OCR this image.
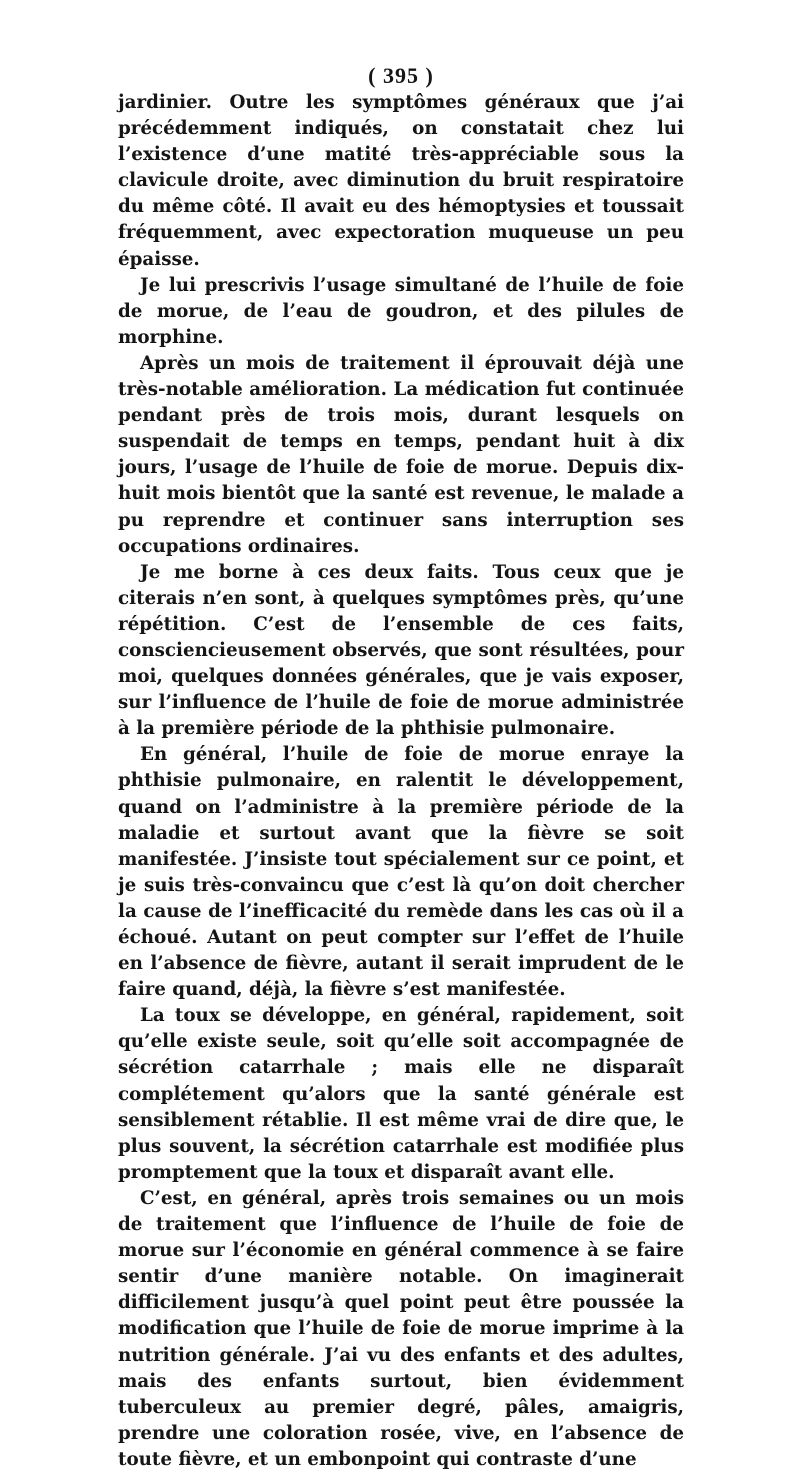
( 395 )

jardinier. Outre les symptômes généraux que j’ai précédemment indiqués, on constatait chez lui l’existence d’une matité très-appréciable sous la clavicule droite, avec diminution du bruit respiratoire du même côté. Il avait eu des hémoptysies et toussait fréquemment, avec expectoration muqueuse un peu épaisse.

Je lui prescrivis l’usage simultané de l’huile de foie de morue, de l’eau de goudron, et des pilules de morphine.

Après un mois de traitement il éprouvait déjà une très-notable amélioration. La médication fut continuée pendant près de trois mois, durant lesquels on suspendait de temps en temps, pendant huit à dix jours, l’usage de l’huile de foie de morue. Depuis dix-huit mois bientôt que la santé est revenue, le malade a pu reprendre et continuer sans interruption ses occupations ordinaires.

Je me borne à ces deux faits. Tous ceux que je citerais n’en sont, à quelques symptômes près, qu’une répétition. C’est de l’ensemble de ces faits, consciencieusement observés, que sont résultées, pour moi, quelques données générales, que je vais exposer, sur l’influence de l’huile de foie de morue administrée à la première période de la phthisie pulmonaire.

En général, l’huile de foie de morue enraye la phthisie pulmonaire, en ralentit le développement, quand on l’administre à la première période de la maladie et surtout avant que la fièvre se soit manifestée. J’insiste tout spécialement sur ce point, et je suis très-convaincu que c’est là qu’on doit chercher la cause de l’inefficacité du remède dans les cas où il a échoué. Autant on peut compter sur l’effet de l’huile en l’absence de fièvre, autant il serait imprudent de le faire quand, déjà, la fièvre s’est manifestée.

La toux se développe, en général, rapidement, soit qu’elle existe seule, soit qu’elle soit accompagnée de sécrétion catarrhale ; mais elle ne disparaît complétement qu’alors que la santé générale est sensiblement rétablie. Il est même vrai de dire que, le plus souvent, la sécrétion catarrhale est modifiée plus promptement que la toux et disparaît avant elle.

C’est, en général, après trois semaines ou un mois de traitement que l’influence de l’huile de foie de morue sur l’économie en général commence à se faire sentir d’une manière notable. On imaginerait difficilement jusqu’à quel point peut être poussée la modification que l’huile de foie de morue imprime à la nutrition générale. J’ai vu des enfants et des adultes, mais des enfants surtout, bien évidemment tuberculeux au premier degré, pâles, amaigris, prendre une coloration rosée, vive, en l’absence de toute fièvre, et un embonpoint qui contraste d’une
